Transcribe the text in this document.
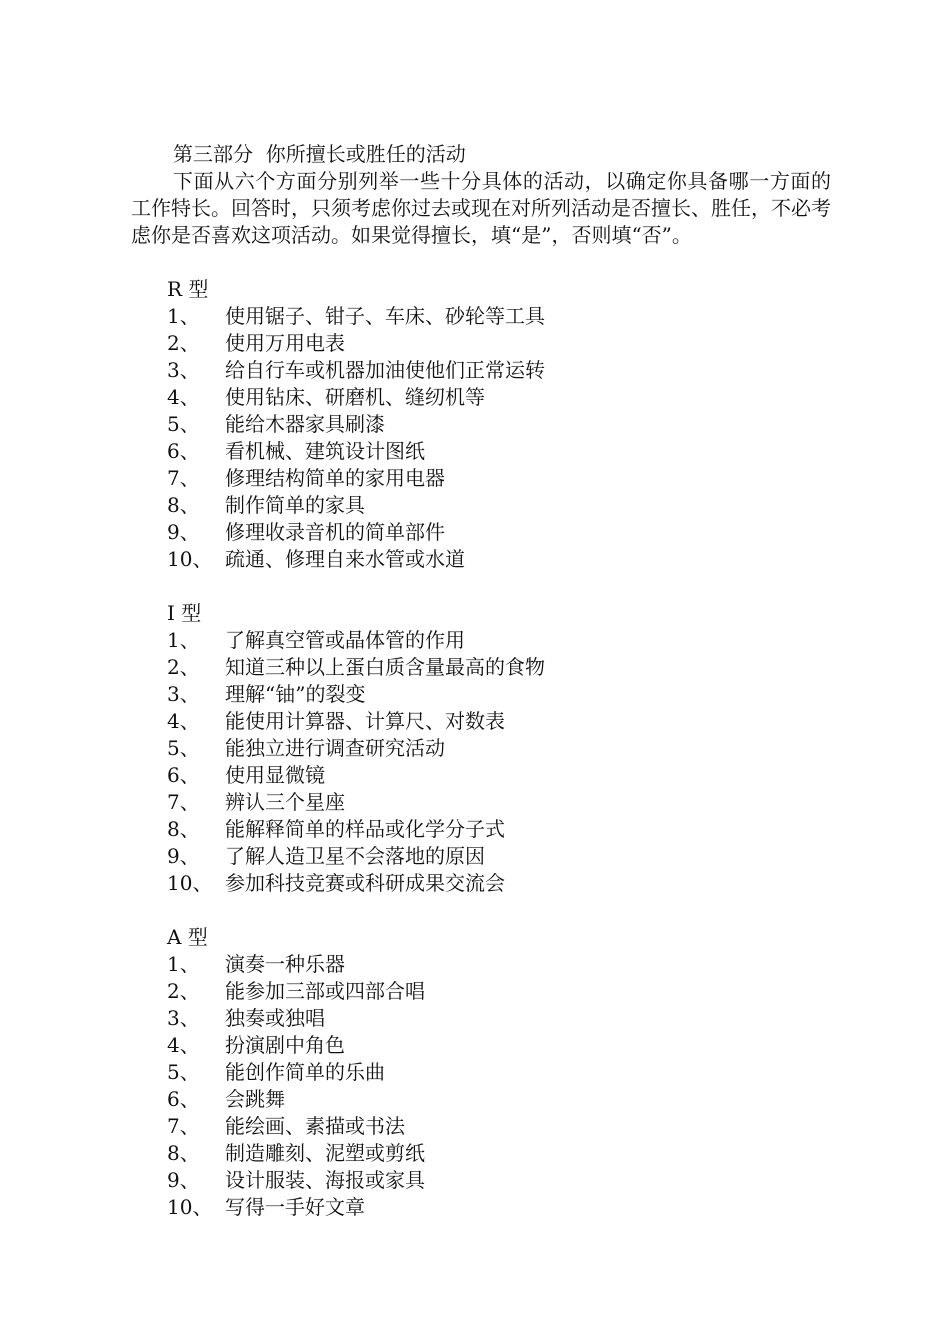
第三部分  你所擅长或胜任的活动

下面从六个方面分别列举一些十分具体的活动，以确定你具备哪一方面的工作特长。回答时，只须考虑你过去或现在对所列活动是否擅长、胜任，不必考虑你是否喜欢这项活动。如果觉得擅长，填“是”，否则填“否”。

R 型
1、	使用锯子、钳子、车床、砂轮等工具
2、	使用万用电表
3、	给自行车或机器加油使他们正常运转
4、	使用钻床、研磨机、缝纫机等
5、	能给木器家具刷漆
6、	看机械、建筑设计图纸
7、	修理结构简单的家用电器
8、	制作简单的家具
9、	修理收录音机的简单部件
10、 疏通、修理自来水管或水道
I 型
1、	了解真空管或晶体管的作用
2、	知道三种以上蛋白质含量最高的食物
3、	理解“铀”的裂变
4、	能使用计算器、计算尺、对数表
5、	能独立进行调查研究活动
6、	使用显微镜
7、	辨认三个星座
8、	能解释简单的样品或化学分子式
9、	了解人造卫星不会落地的原因
10、 参加科技竞赛或科研成果交流会
A 型
1、	演奏一种乐器
2、	能参加三部或四部合唱
3、	独奏或独唱
4、	扮演剧中角色
5、	能创作简单的乐曲
6、	会跳舞
7、	能绘画、素描或书法
8、	制造雕刻、泥塑或剪纸
9、	设计服装、海报或家具
10、 写得一手好文章
